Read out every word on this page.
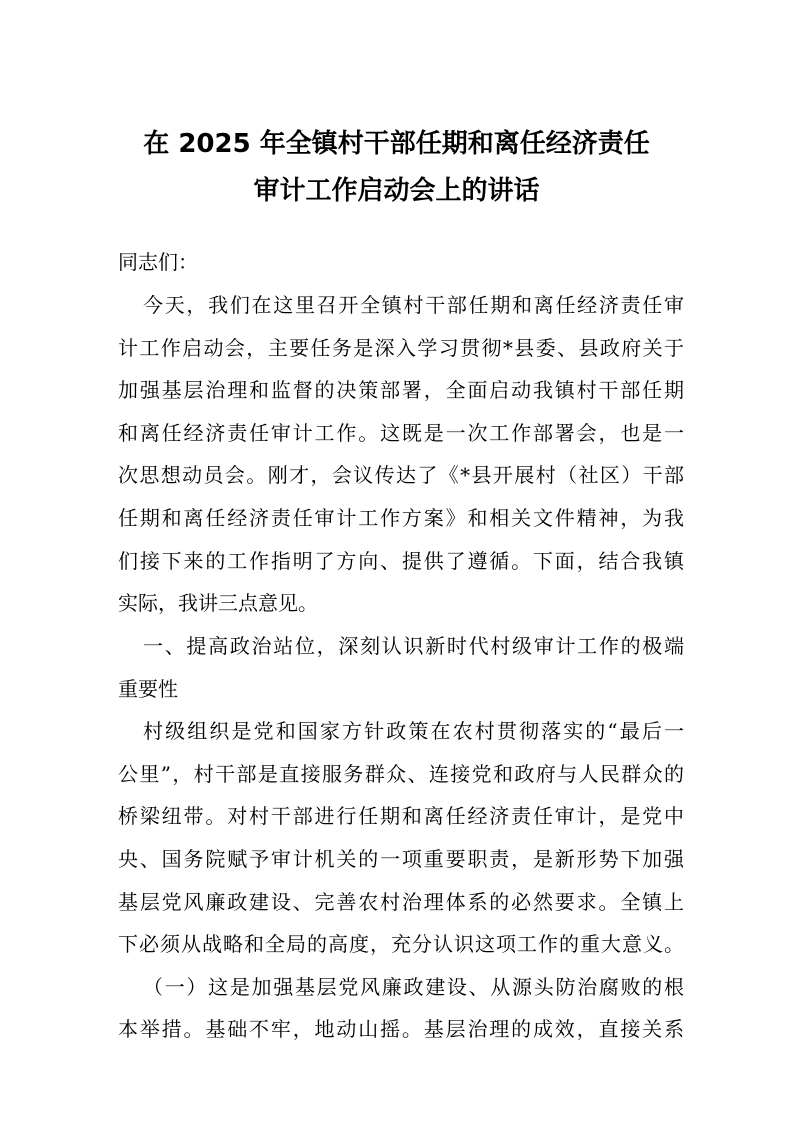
在 2025 年全镇村干部任期和离任经济责任
审计工作启动会上的讲话
同志们：
今天，我们在这里召开全镇村干部任期和离任经济责任审
计工作启动会，主要任务是深入学习贯彻*县委、县政府关于
加强基层治理和监督的决策部署，全面启动我镇村干部任期
和离任经济责任审计工作。这既是一次工作部署会，也是一
次思想动员会。刚才，会议传达了《*县开展村（社区）干部
任期和离任经济责任审计工作方案》和相关文件精神，为我
们接下来的工作指明了方向、提供了遵循。下面，结合我镇
实际，我讲三点意见。
一、提高政治站位，深刻认识新时代村级审计工作的极端
重要性
村级组织是党和国家方针政策在农村贯彻落实的“最后一
公里”，村干部是直接服务群众、连接党和政府与人民群众的
桥梁纽带。对村干部进行任期和离任经济责任审计，是党中
央、国务院赋予审计机关的一项重要职责，是新形势下加强
基层党风廉政建设、完善农村治理体系的必然要求。全镇上
下必须从战略和全局的高度，充分认识这项工作的重大意义。
（一）这是加强基层党风廉政建设、从源头防治腐败的根
本举措。基础不牢，地动山摇。基层治理的成效，直接关系
